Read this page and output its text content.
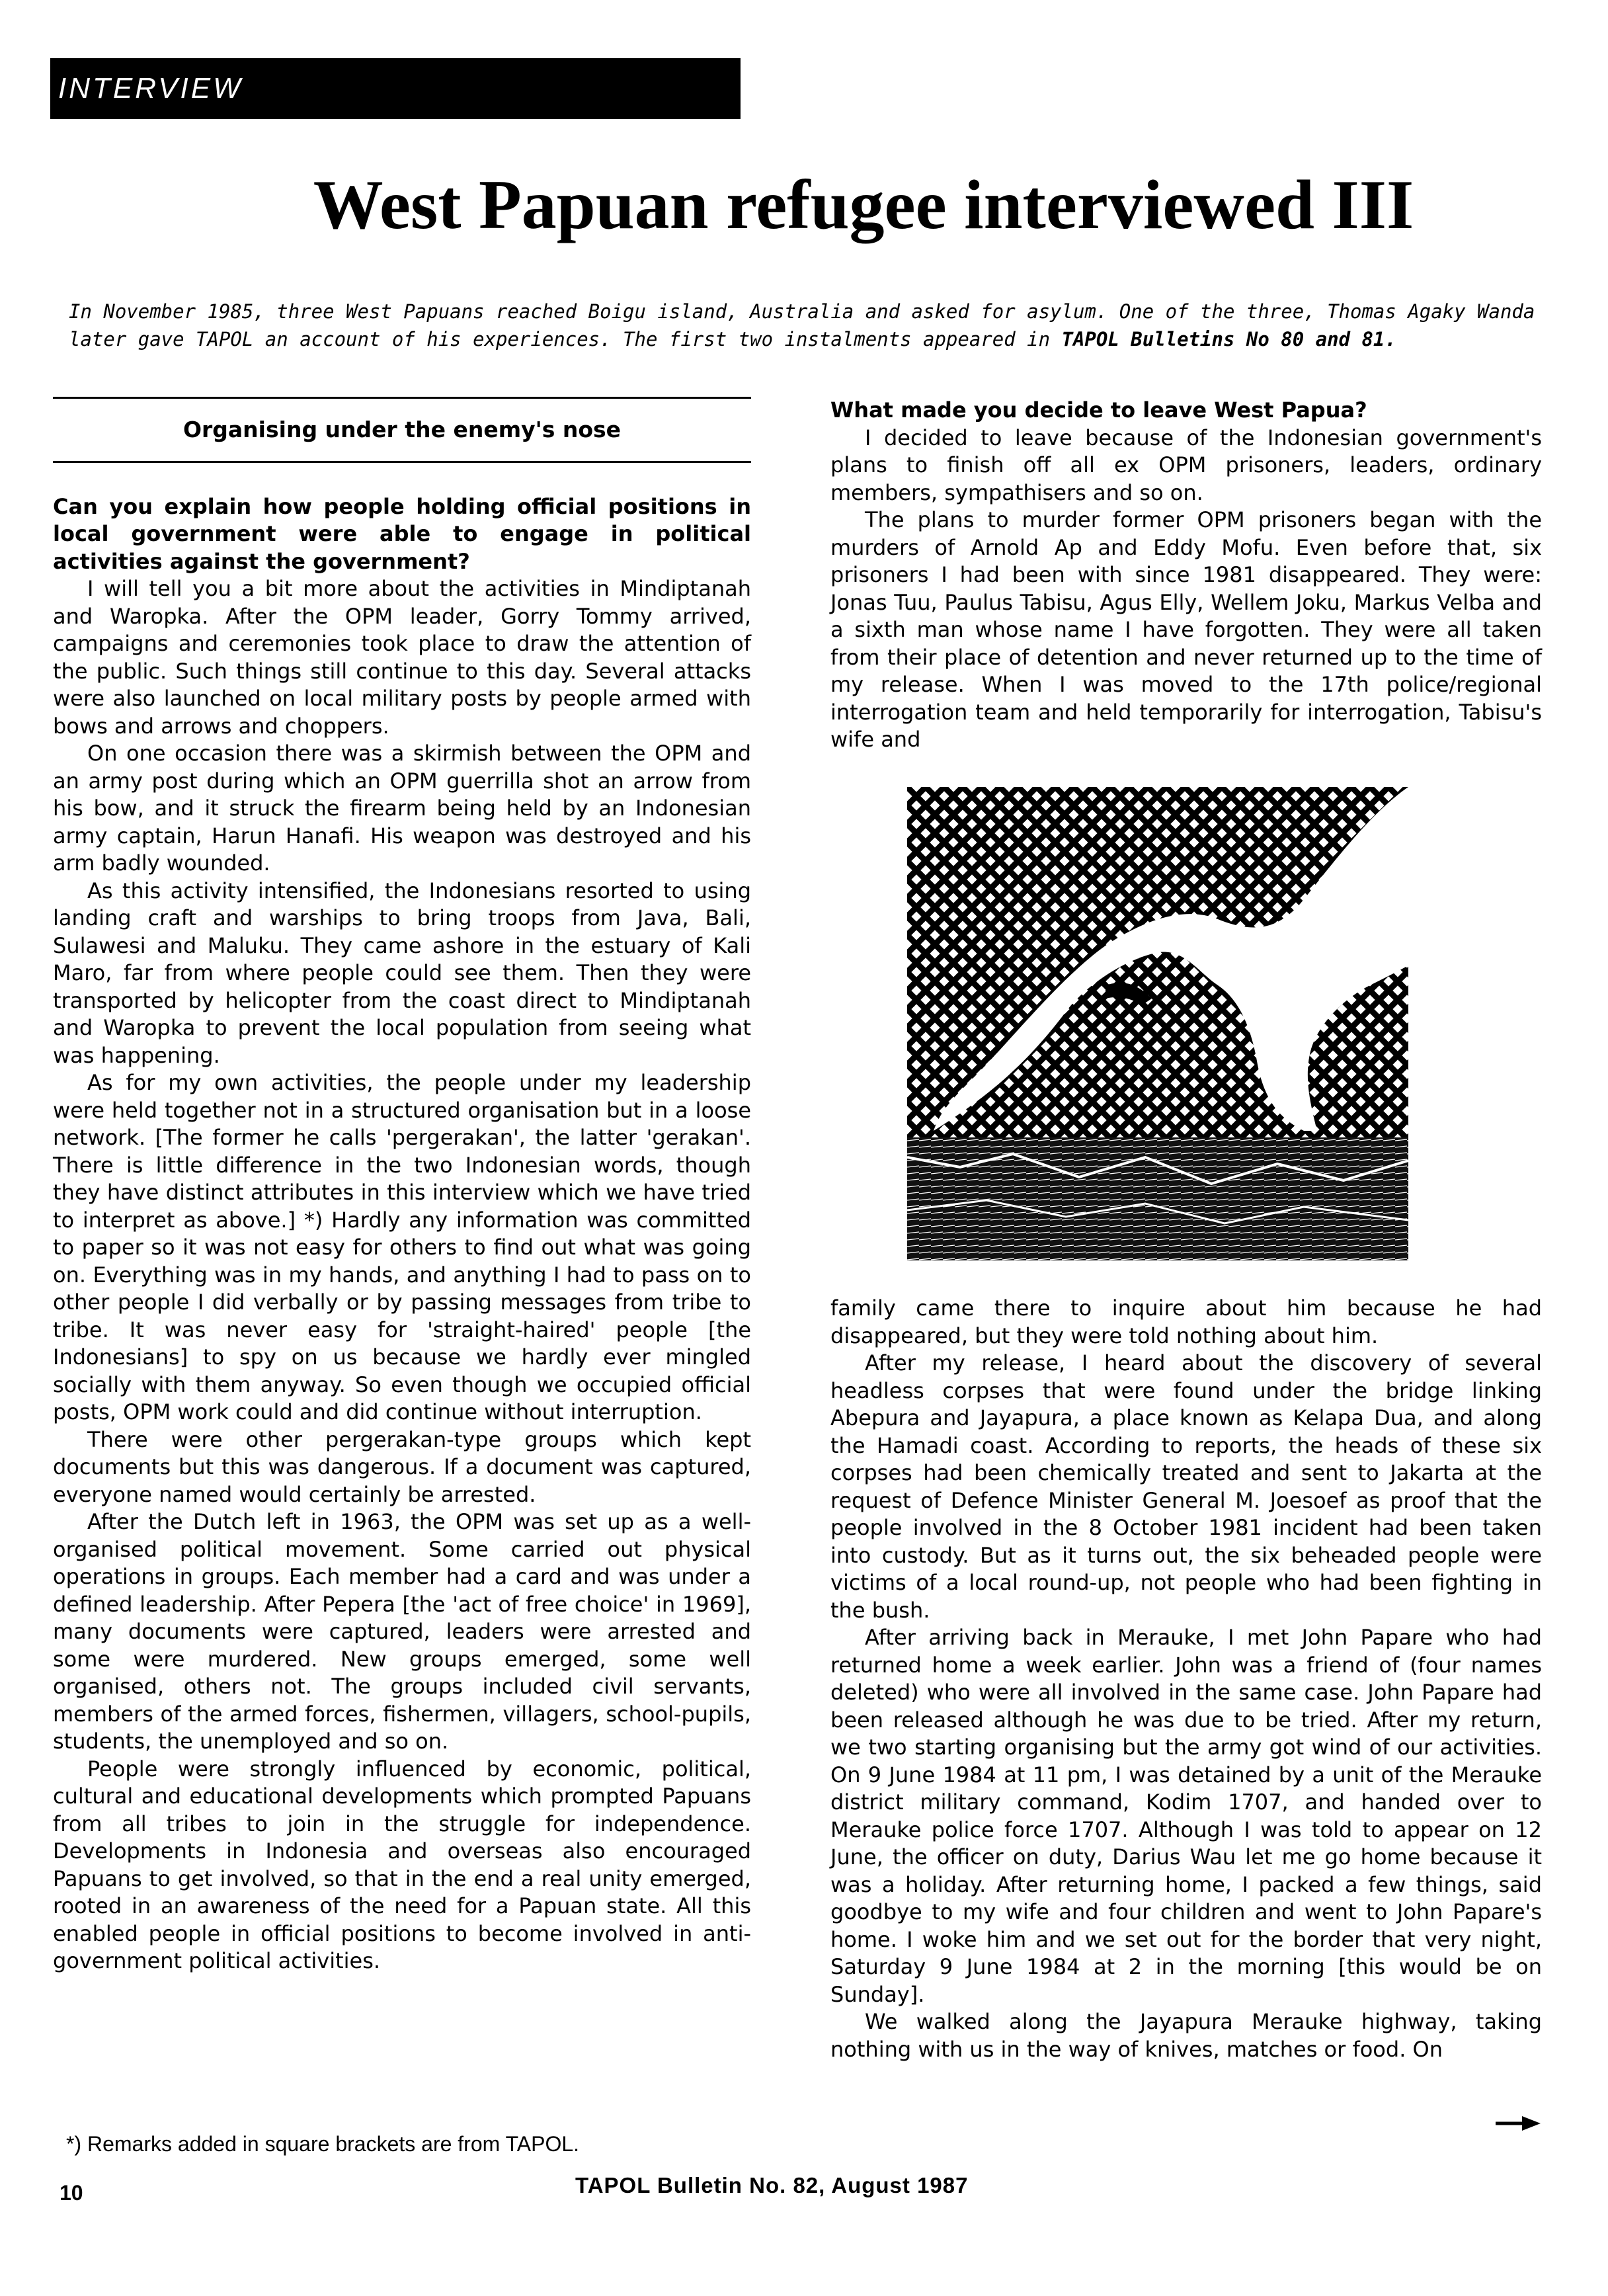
INTERVIEW
West Papuan refugee interviewed III

In November 1985, three West Papuans reached Boigu island, Australia and asked for asylum. One of the three, Thomas Agaky Wanda later gave TAPOL an account of his experiences. The first two instalments appeared in TAPOL Bulletins No 80 and 81.

Organising under the enemy's nose
Can you explain how people holding official positions in local government were able to engage in political activities against the government?

I will tell you a bit more about the activities in Mindiptanah and Waropka. After the OPM leader, Gorry Tommy arrived, campaigns and ceremonies took place to draw the attention of the public. Such things still continue to this day. Several attacks were also launched on local military posts by people armed with bows and arrows and choppers.

On one occasion there was a skirmish between the OPM and an army post during which an OPM guerrilla shot an arrow from his bow, and it struck the firearm being held by an Indonesian army captain, Harun Hanafi. His weapon was destroyed and his arm badly wounded.

As this activity intensified, the Indonesians resorted to using landing craft and warships to bring troops from Java, Bali, Sulawesi and Maluku. They came ashore in the estuary of Kali Maro, far from where people could see them. Then they were transported by helicopter from the coast direct to Mindiptanah and Waropka to prevent the local population from seeing what was happening.

As for my own activities, the people under my leadership were held together not in a structured organisation but in a loose network. [The former he calls 'pergerakan', the latter 'gerakan'. There is little difference in the two Indonesian words, though they have distinct attributes in this interview which we have tried to interpret as above.] *) Hardly any information was committed to paper so it was not easy for others to find out what was going on. Everything was in my hands, and anything I had to pass on to other people I did verbally or by passing messages from tribe to tribe. It was never easy for 'straight-haired' people [the Indonesians] to spy on us because we hardly ever mingled socially with them anyway. So even though we occupied official posts, OPM work could and did continue without interruption.

There were other pergerakan-type groups which kept documents but this was dangerous. If a document was captured, everyone named would certainly be arrested.

After the Dutch left in 1963, the OPM was set up as a well-organised political movement. Some carried out physical operations in groups. Each member had a card and was under a defined leadership. After Pepera [the 'act of free choice' in 1969], many documents were captured, leaders were arrested and some were murdered. New groups emerged, some well organised, others not. The groups included civil servants, members of the armed forces, fishermen, villagers, school-pupils, students, the unemployed and so on.

People were strongly influenced by economic, political, cultural and educational developments which prompted Papuans from all tribes to join in the struggle for independence. Developments in Indonesia and overseas also encouraged Papuans to get involved, so that in the end a real unity emerged, rooted in an awareness of the need for a Papuan state. All this enabled people in official positions to become involved in anti-government political activities.

*) Remarks added in square brackets are from TAPOL.

What made you decide to leave West Papua?

I decided to leave because of the Indonesian government's plans to finish off all ex OPM prisoners, leaders, ordinary members, sympathisers and so on.

The plans to murder former OPM prisoners began with the murders of Arnold Ap and Eddy Mofu. Even before that, six prisoners I had been with since 1981 disappeared. They were: Jonas Tuu, Paulus Tabisu, Agus Elly, Wellem Joku, Markus Velba and a sixth man whose name I have forgotten. They were all taken from their place of detention and never returned up to the time of my release. When I was moved to the 17th police/regional interrogation team and held temporarily for interrogation, Tabisu's wife and

family came there to inquire about him because he had disappeared, but they were told nothing about him.

After my release, I heard about the discovery of several headless corpses that were found under the bridge linking Abepura and Jayapura, a place known as Kelapa Dua, and along the Hamadi coast. According to reports, the heads of these six corpses had been chemically treated and sent to Jakarta at the request of Defence Minister General M. Joesoef as proof that the people involved in the 8 October 1981 incident had been taken into custody. But as it turns out, the six beheaded people were victims of a local round-up, not people who had been fighting in the bush.

After arriving back in Merauke, I met John Papare who had returned home a week earlier. John was a friend of (four names deleted) who were all involved in the same case. John Papare had been released although he was due to be tried. After my return, we two starting organising but the army got wind of our activities. On 9 June 1984 at 11 pm, I was detained by a unit of the Merauke district military command, Kodim 1707, and handed over to Merauke police force 1707. Although I was told to appear on 12 June, the officer on duty, Darius Wau let me go home because it was a holiday. After returning home, I packed a few things, said goodbye to my wife and four children and went to John Papare's home. I woke him and we set out for the border that very night, Saturday 9 June 1984 at 2 in the morning [this would be on Sunday].

We walked along the Jayapura Merauke highway, taking nothing with us in the way of knives, matches or food. On

10	TAPOL Bulletin No. 82, August 1987
